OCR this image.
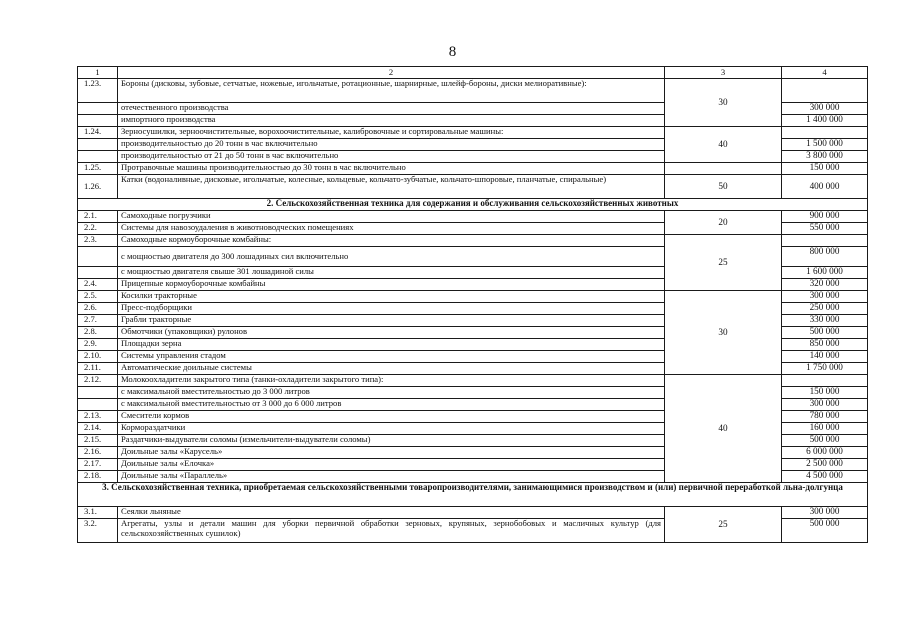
8
1	2	3	4
1.23.	Бороны (дисковы, зубовые, сетчатые, ножевые, игольчатые, ротационные, шарнирные, шлейф-бороны, диски мелиоративные):	30	
	отечественного производства		300 000
	импортного производства		1 400 000
1.24.	Зерносушилки, зерноочистительные, ворохоочистительные, калибровочные и сортировальные машины:	40	
	производительностью до 20 тонн в час включительно		1 500 000
	производительностью от 21 до 50 тонн в час включительно		3 800 000
1.25.	Протравочные машины производительностью до 30 тонн в час включительно		150 000
1.26.	Катки (водоналивные, дисковые, игольчатые, колесные, кольцевые, кольчато-зубчатые, кольчато-шпоровые, планчатые, спиральные)	50	400 000
2. Сельскохозяйственная техника для содержания и обслуживания сельскохозяйственных животных			
2.1.	Самоходные погрузчики	20	900 000
2.2.	Системы для навозоудаления в животноводческих помещениях		550 000
2.3.	Самоходные кормоуборочные комбайны:	25	
	с мощностью двигателя до 300 лошадиных сил включительно		800 000
	с мощностью двигателя свыше 301 лошадиной силы		1 600 000
2.4.	Прицепные кормоуборочные комбайны		320 000
2.5.	Косилки тракторные	30	300 000
2.6.	Пресс-подборщики		250 000
2.7.	Грабли тракторные		330 000
2.8.	Обмотчики (упаковщики) рулонов		500 000
2.9.	Площадки зерна		850 000
2.10.	Системы управления стадом		140 000
2.11.	Автоматические доильные системы		1 750 000
2.12.	Молокоохладители закрытого типа (танки-охладители закрытого типа):	40	
	с максимальной вместительностью до 3 000 литров		150 000
	с максимальной вместительностью от 3 000 до 6 000 литров		300 000
2.13.	Смесители кормов		780 000
2.14.	Кормораздатчики		160 000
2.15.	Раздатчики-выдуватели соломы (измельчители-выдуватели соломы)		500 000
2.16.	Доильные залы «Карусель»		6 000 000
2.17.	Доильные залы «Елочка»		2 500 000
2.18.	Доильные залы «Параллель»		4 500 000
3. Сельскохозяйственная техника, приобретаемая сельскохозяйственными товаропроизводителями, занимающимися производством и (или) первичной переработкой льна-долгунца			
3.1.	Сеялки льняные	25	300 000
3.2.	Агрегаты, узлы и детали машин для уборки первичной обработки зерновых, крупяных, зернобобовых и масличных культур (для сельскохозяйственных сушилок)		500 000
